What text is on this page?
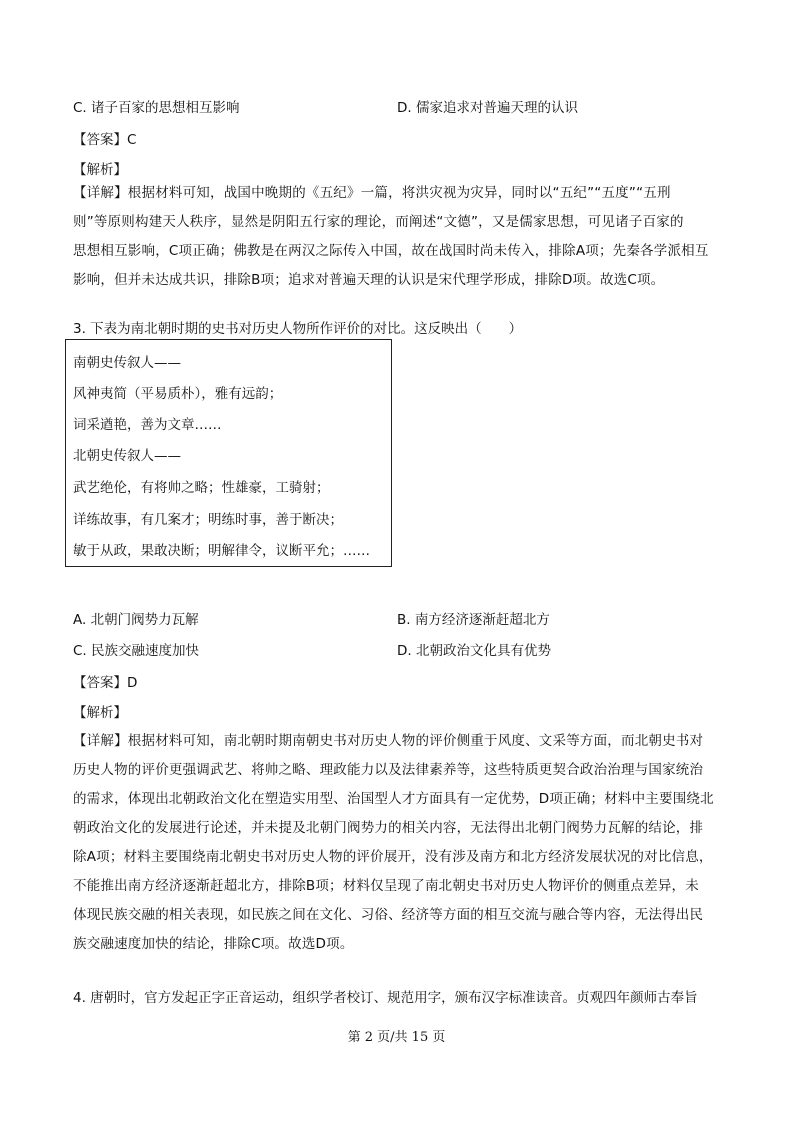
C. 诸子百家的思想相互影响	D. 儒家追求对普遍天理的认识
【答案】C
【解析】
【详解】根据材料可知，战国中晚期的《五纪》一篇，将洪灾视为灾异，同时以“五纪”“五度”“五刑
则”等原则构建天人秩序，显然是阴阳五行家的理论，而阐述“文德”，又是儒家思想，可见诸子百家的
思想相互影响，C项正确；佛教是在两汉之际传入中国，故在战国时尚未传入，排除A项；先秦各学派相互
影响，但并未达成共识，排除B项；追求对普遍天理的认识是宋代理学形成，排除D项。故选C项。
3. 下表为南北朝时期的史书对历史人物所作评价的对比。这反映出（　　）
南朝史传叙人——
风神夷简（平易质朴），雅有远韵；
词采遒艳，善为文章……
北朝史传叙人——
武艺绝伦，有将帅之略；性雄豪，工骑射；
详练故事，有几案才；明练时事，善于断决；
敏于从政，果敢决断；明解律令，议断平允；……
A. 北朝门阀势力瓦解	B. 南方经济逐渐赶超北方
C. 民族交融速度加快	D. 北朝政治文化具有优势
【答案】D
【解析】
【详解】根据材料可知，南北朝时期南朝史书对历史人物的评价侧重于风度、文采等方面，而北朝史书对
历史人物的评价更强调武艺、将帅之略、理政能力以及法律素养等，这些特质更契合政治治理与国家统治
的需求，体现出北朝政治文化在塑造实用型、治国型人才方面具有一定优势，D项正确；材料中主要围绕北
朝政治文化的发展进行论述，并未提及北朝门阀势力的相关内容，无法得出北朝门阀势力瓦解的结论，排
除A项；材料主要围绕南北朝史书对历史人物的评价展开，没有涉及南方和北方经济发展状况的对比信息，
不能推出南方经济逐渐赶超北方，排除B项；材料仅呈现了南北朝史书对历史人物评价的侧重点差异，未
体现民族交融的相关表现，如民族之间在文化、习俗、经济等方面的相互交流与融合等内容，无法得出民
族交融速度加快的结论，排除C项。故选D项。
4. 唐朝时，官方发起正字正音运动，组织学者校订、规范用字，颁布汉字标准读音。贞观四年颜师古奉旨
第 2 页/共 15 页
